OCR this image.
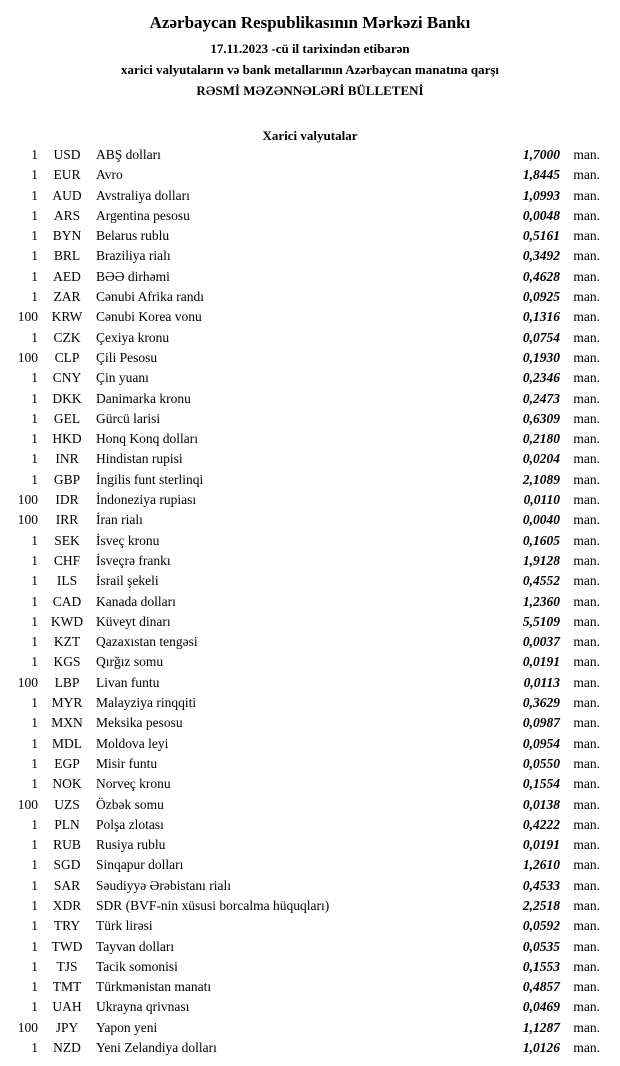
Azərbaycan Respublikasının Mərkəzi Bankı
17.11.2023 -cü il tarixindən etibarən
xarici valyutaların və bank metallarının Azərbaycan manatına qarşı
RƏSMİ MƏZƏNNƏLƏRİ BÜLLETENİ
Xarici valyutalar
1	USD	ABŞ dolları	1,7000 man.
1	EUR	Avro	1,8445 man.
1	AUD	Avstraliya dolları	1,0993 man.
1	ARS	Argentina pesosu	0,0048 man.
1	BYN	Belarus rublu	0,5161 man.
1	BRL	Braziliya rialı	0,3492 man.
1	AED	BƏƏ dirhəmi	0,4628 man.
1	ZAR	Cənubi Afrika randı	0,0925 man.
100	KRW	Cənubi Korea vonu	0,1316 man.
1	CZK	Çexiya kronu	0,0754 man.
100	CLP	Çili Pesosu	0,1930 man.
1	CNY	Çin yuanı	0,2346 man.
1	DKK	Danimarka kronu	0,2473 man.
1	GEL	Gürcü larisi	0,6309 man.
1	HKD	Honq Konq dolları	0,2180 man.
1	INR	Hindistan rupisi	0,0204 man.
1	GBP	İngilis funt sterlinqi	2,1089 man.
100	IDR	İndoneziya rupiası	0,0110 man.
100	IRR	İran rialı	0,0040 man.
1	SEK	İsveç kronu	0,1605 man.
1	CHF	İsveçrə frankı	1,9128 man.
1	ILS	İsrail şekeli	0,4552 man.
1	CAD	Kanada dolları	1,2360 man.
1 KWD Küveyt dinarı	5,5109 man.
1	KZT	Qazaxıstan tengəsi	0,0037 man.
1	KGS	Qırğız somu	0,0191 man.
100	LBP	Livan funtu	0,0113 man.
1	MYR	Malayziya rinqqiti	0,3629 man.
1 MXN Meksika pesosu	0,0987 man.
1	MDL	Moldova leyi	0,0954 man.
1	EGP	Misir funtu	0,0550 man.
1	NOK	Norveç kronu	0,1554 man.
100	UZS	Özbək somu	0,0138 man.
1	PLN	Polşa zlotası	0,4222 man.
1	RUB	Rusiya rublu	0,0191 man.
1	SGD	Sinqapur dolları	1,2610 man.
1	SAR	Səudiyyə Ərəbistanı rialı	0,4533 man.
1	XDR	SDR (BVF-nin xüsusi borcalma hüquqları)	2,2518 man.
1	TRY	Türk lirəsi	0,0592 man.
1	TWD	Tayvan dolları	0,0535 man.
1	TJS	Tacik somonisi	0,1553 man.
1	TMT	Türkmənistan manatı	0,4857 man.
1	UAH	Ukrayna qrivnası	0,0469 man.
100	JPY	Yapon yeni	1,1287 man.
1	NZD	Yeni Zelandiya dolları	1,0126 man.
